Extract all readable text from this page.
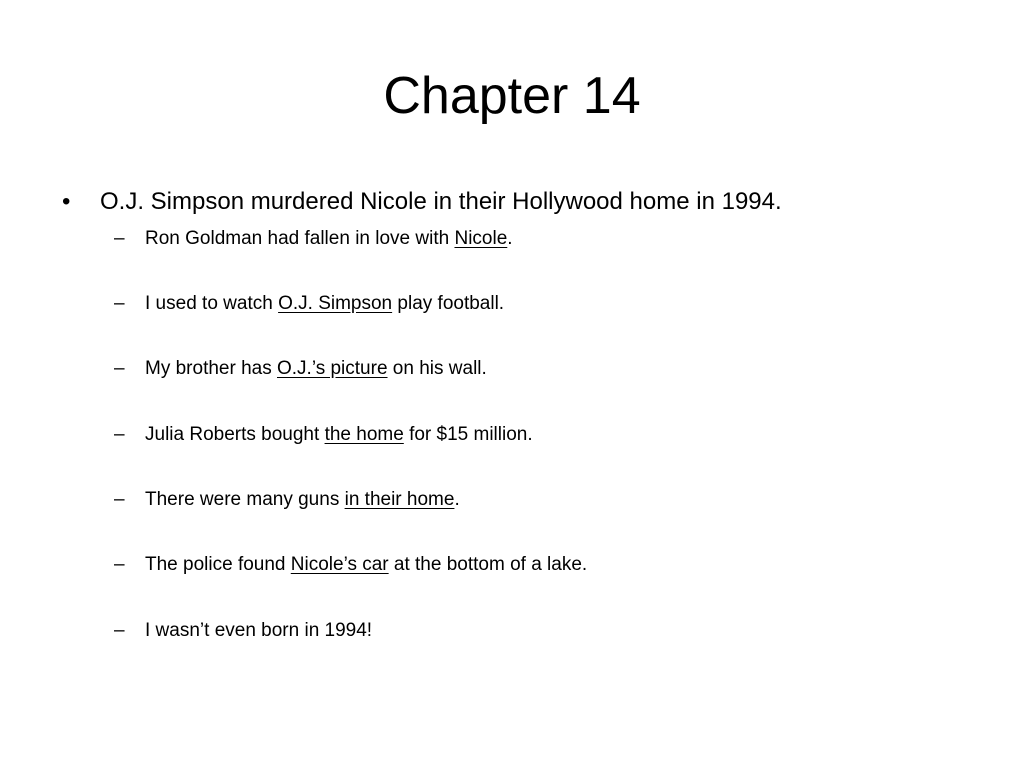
Chapter 14
• O.J. Simpson murdered Nicole in their Hollywood home in 1994.
– Ron Goldman had fallen in love with Nicole.
– I used to watch O.J. Simpson play football.
– My brother has O.J.’s picture on his wall.
– Julia Roberts bought the home for $15 million.
– There were many guns in their home.
– The police found Nicole’s car at the bottom of a lake.
– I wasn’t even born in 1994!
